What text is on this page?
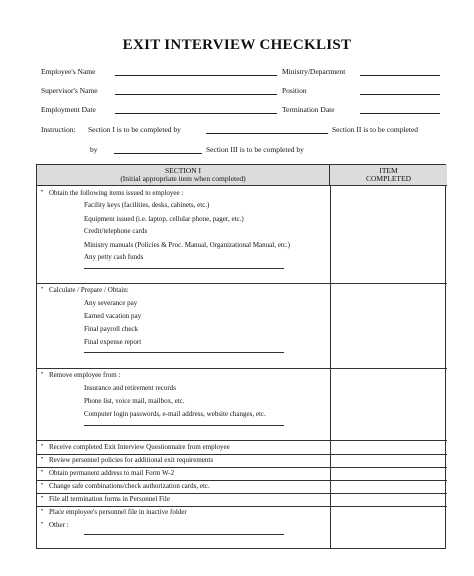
EXIT INTERVIEW CHECKLIST
Employee's Name	Ministry/Department
Supervisor's Name	Position
Employment Date	Termination Date
Instruction: Section I is to be completed by	Section II is to be completed
by	Section III is to be completed by
SECTION I
(Initial appropriate item when completed)
ITEM
COMPLETED
• Obtain the following items issued to employee :
Facility keys (facilities, desks, cabinets, etc.)
Equipment issued (i.e. laptop, cellular phone, pager, etc.)
Credit/telephone cards
Ministry manuals (Policies & Proc. Manual, Organizational Manual, etc.)
Any petty cash funds
• Calculate / Prepare / Obtain:
Any severance pay
Earned vacation pay
Final payroll check
Final expense report
• Remove employee from :
Insurance and retirement records
Phone list, voice mail, mailbox, etc.
Computer login passwords, e-mail address, website changes, etc.
• Receive completed Exit Interview Questionnaire from employee
• Review personnel policies for additional exit requirements
• Obtain permanent address to mail Form W-2
• Change safe combinations/check authorization cards, etc.
• File all termination forms in Personnel File
• Place employee's personnel file in inactive folder
• Other :
